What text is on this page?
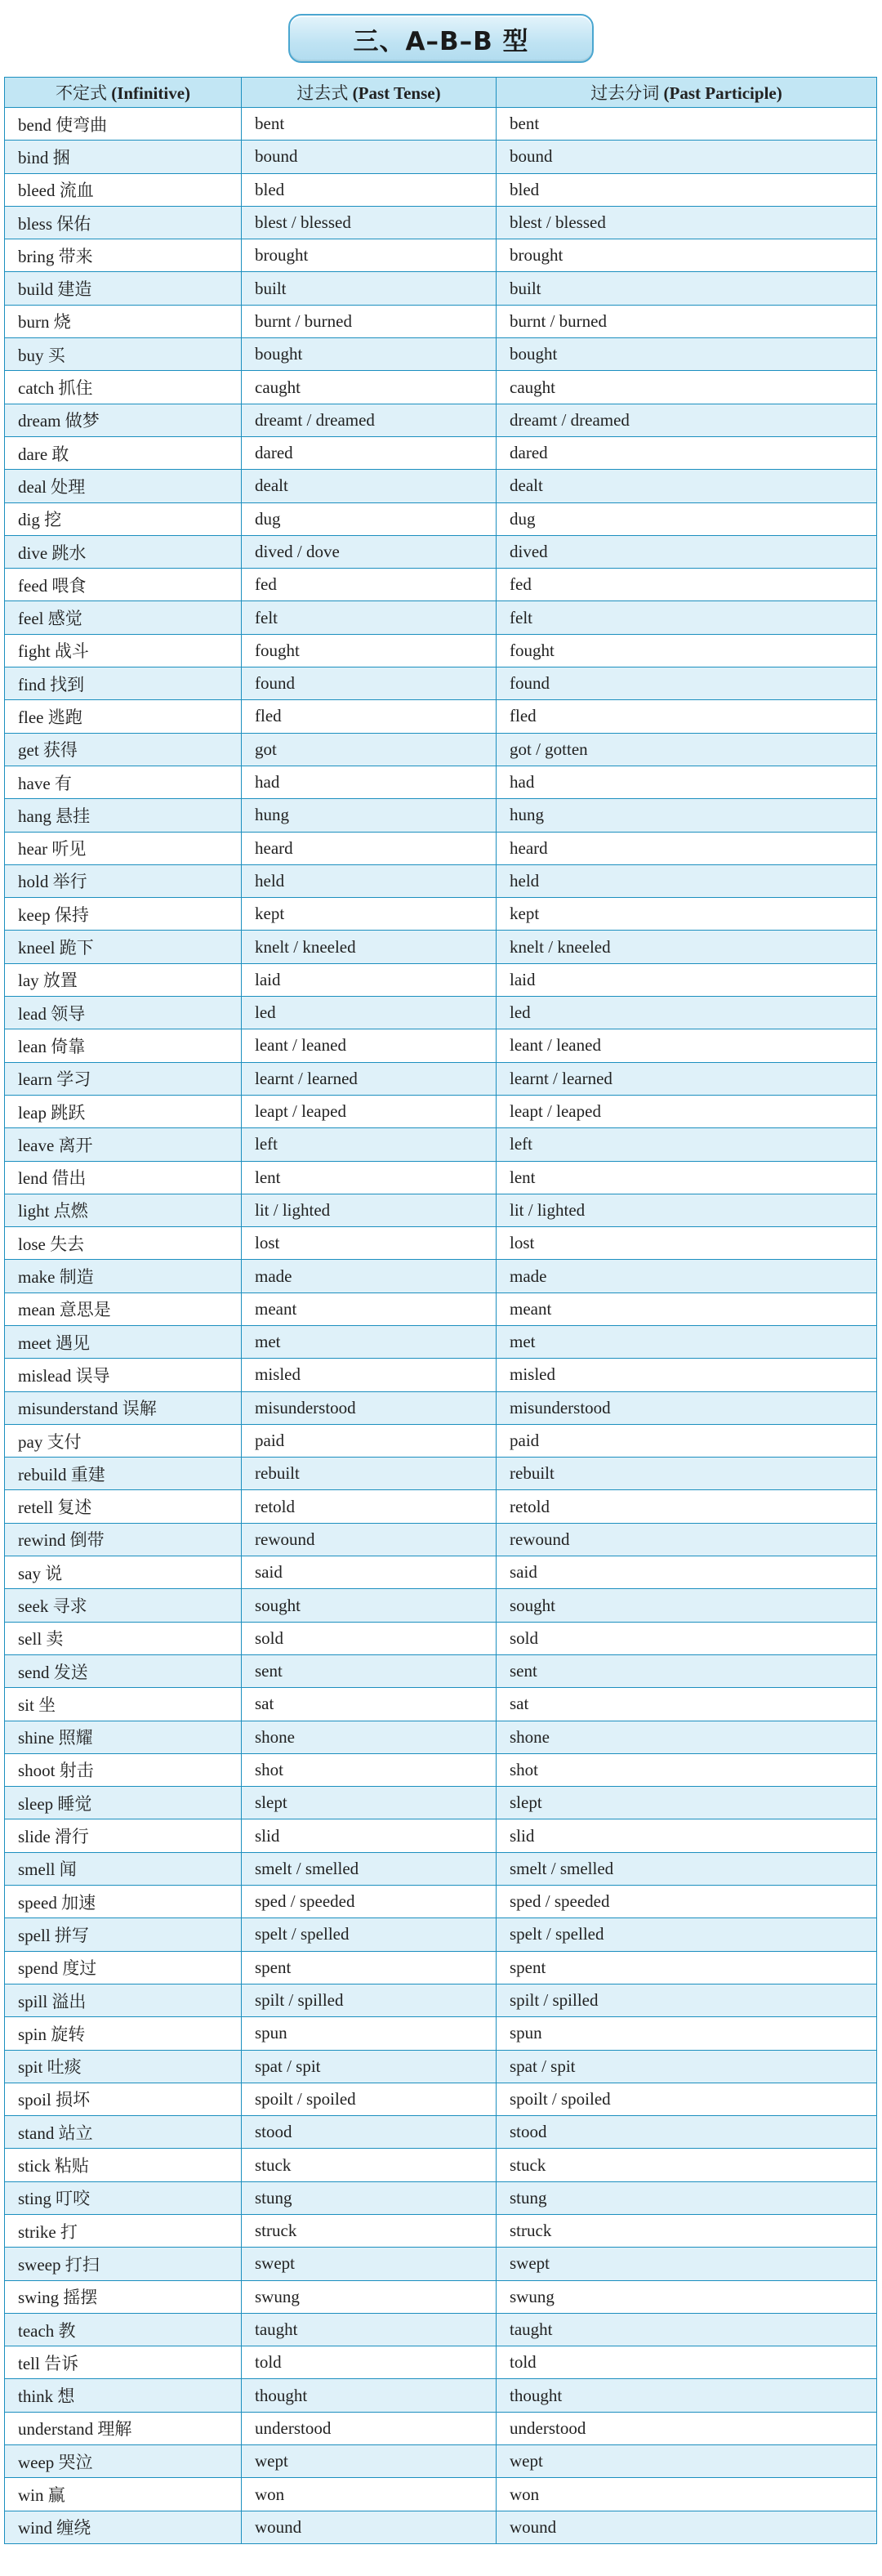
三、A–B–B 型
不定式 (Infinitive)	过去式 (Past Tense)	过去分词 (Past Participle)
bend 使弯曲	bent	bent
bind 捆	bound	bound
bleed 流血	bled	bled
bless 保佑	blest / blessed	blest / blessed
bring 带来	brought	brought
build 建造	built	built
burn 烧	burnt / burned	burnt / burned
buy 买	bought	bought
catch 抓住	caught	caught
dream 做梦	dreamt / dreamed	dreamt / dreamed
dare 敢	dared	dared
deal 处理	dealt	dealt
dig 挖	dug	dug
dive 跳水	dived / dove	dived
feed 喂食	fed	fed
feel 感觉	felt	felt
fight 战斗	fought	fought
find 找到	found	found
flee 逃跑	fled	fled
get 获得	got	got / gotten
have 有	had	had
hang 悬挂	hung	hung
hear 听见	heard	heard
hold 举行	held	held
keep 保持	kept	kept
kneel 跪下	knelt / kneeled	knelt / kneeled
lay 放置	laid	laid
lead 领导	led	led
lean 倚靠	leant / leaned	leant / leaned
learn 学习	learnt / learned	learnt / learned
leap 跳跃	leapt / leaped	leapt / leaped
leave 离开	left	left
lend 借出	lent	lent
light 点燃	lit / lighted	lit / lighted
lose 失去	lost	lost
make 制造	made	made
mean 意思是	meant	meant
meet 遇见	met	met
mislead 误导	misled	misled
misunderstand 误解	misunderstood	misunderstood
pay 支付	paid	paid
rebuild 重建	rebuilt	rebuilt
retell 复述	retold	retold
rewind 倒带	rewound	rewound
say 说	said	said
seek 寻求	sought	sought
sell 卖	sold	sold
send 发送	sent	sent
sit 坐	sat	sat
shine 照耀	shone	shone
shoot 射击	shot	shot
sleep 睡觉	slept	slept
slide 滑行	slid	slid
smell 闻	smelt / smelled	smelt / smelled
speed 加速	sped / speeded	sped / speeded
spell 拼写	spelt / spelled	spelt / spelled
spend 度过	spent	spent
spill 溢出	spilt / spilled	spilt / spilled
spin 旋转	spun	spun
spit 吐痰	spat / spit	spat / spit
spoil 损坏	spoilt / spoiled	spoilt / spoiled
stand 站立	stood	stood
stick 粘贴	stuck	stuck
sting 叮咬	stung	stung
strike 打	struck	struck
sweep 打扫	swept	swept
swing 摇摆	swung	swung
teach 教	taught	taught
tell 告诉	told	told
think 想	thought	thought
understand 理解	understood	understood
weep 哭泣	wept	wept
win 赢	won	won
wind 缠绕	wound	wound
